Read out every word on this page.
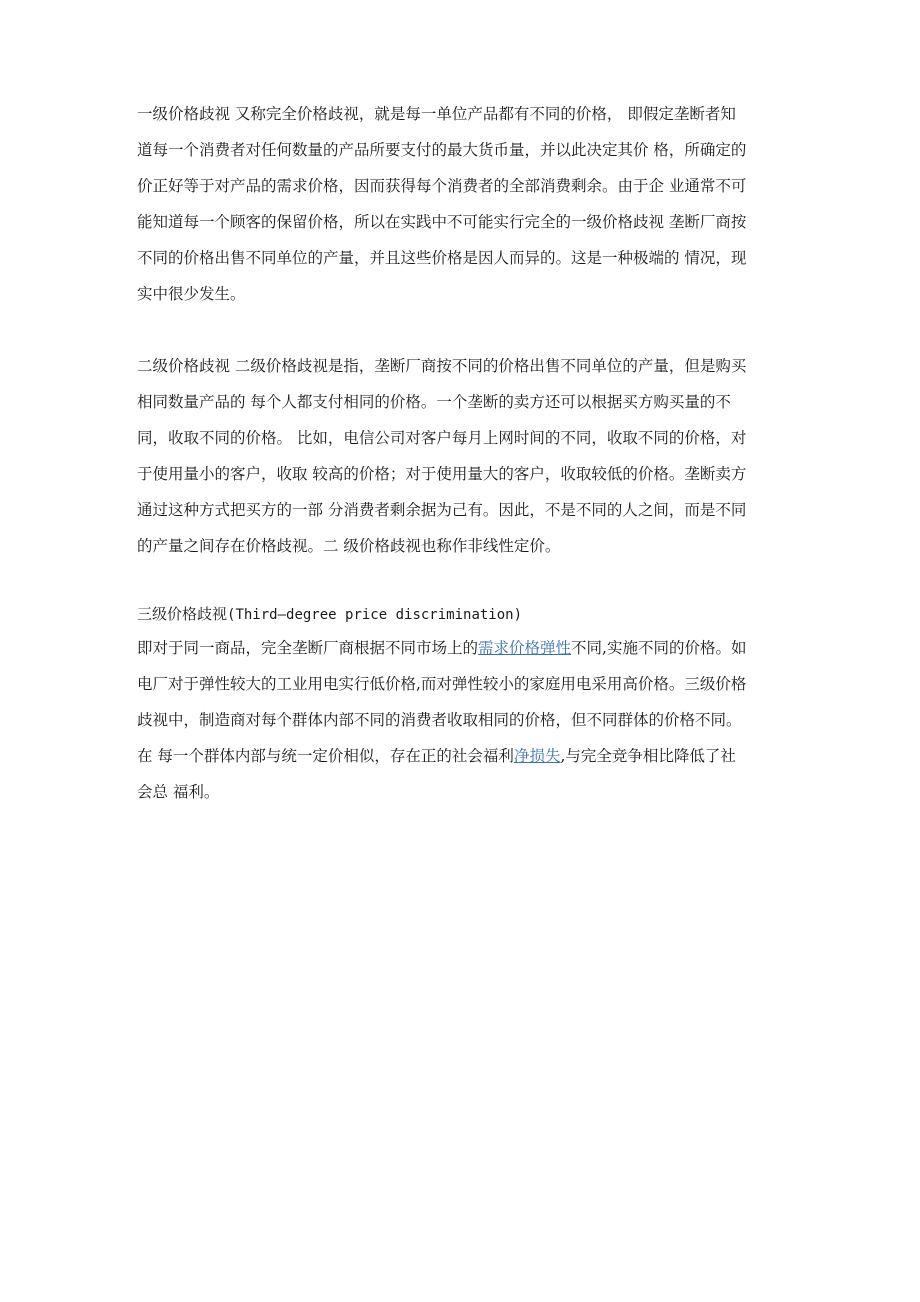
一级价格歧视 又称完全价格歧视，就是每一单位产品都有不同的价格， 即假定垄断者知
道每一个消费者对任何数量的产品所要支付的最大货币量，并以此决定其价 格，所确定的
价正好等于对产品的需求价格，因而获得每个消费者的全部消费剩余。由于企 业通常不可
能知道每一个顾客的保留价格，所以在实践中不可能实行完全的一级价格歧视 垄断厂商按
不同的价格出售不同单位的产量，并且这些价格是因人而异的。这是一种极端的 情况，现
实中很少发生。

二级价格歧视 二级价格歧视是指，垄断厂商按不同的价格出售不同单位的产量，但是购买
相同数量产品的 每个人都支付相同的价格。一个垄断的卖方还可以根据买方购买量的不
同，收取不同的价格。 比如，电信公司对客户每月上网时间的不同，收取不同的价格，对
于使用量小的客户，收取 较高的价格；对于使用量大的客户，收取较低的价格。垄断卖方
通过这种方式把买方的一部 分消费者剩余据为己有。因此，不是不同的人之间，而是不同
的产量之间存在价格歧视。二 级价格歧视也称作非线性定价。

三级价格歧视(Third—degree price discrimination)

即对于同一商品，完全垄断厂商根据不同市场上的需求价格弹性不同,实施不同的价格。如
电厂对于弹性较大的工业用电实行低价格,而对弹性较小的家庭用电采用高价格。三级价格
歧视中，制造商对每个群体内部不同的消费者收取相同的价格，但不同群体的价格不同。
在 每一个群体内部与统一定价相似，存在正的社会福利净损失,与完全竞争相比降低了社
会总 福利。
